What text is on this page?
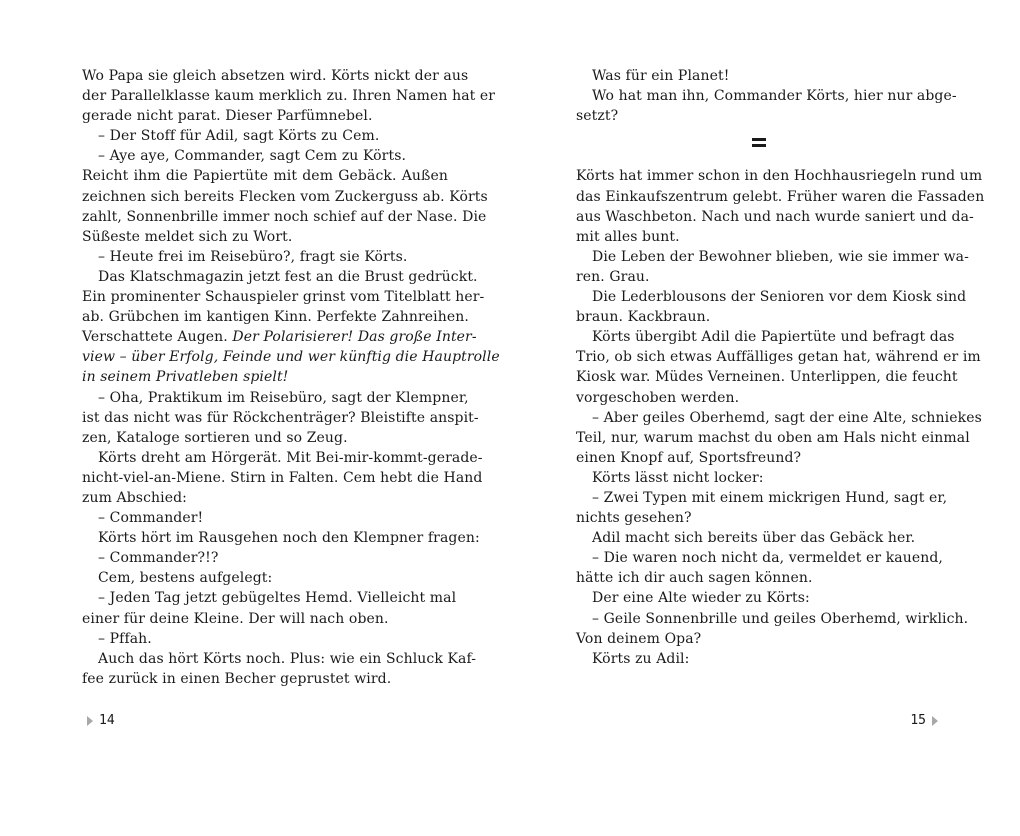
Wo Papa sie gleich absetzen wird. Körts nickt der aus
der Parallelklasse kaum merklich zu. Ihren Namen hat er
gerade nicht parat. Dieser Parfümnebel.
– Der Stoff für Adil, sagt Körts zu Cem.
– Aye aye, Commander, sagt Cem zu Körts.
Reicht ihm die Papiertüte mit dem Gebäck. Außen
zeichnen sich bereits Flecken vom Zuckerguss ab. Körts
zahlt, Sonnenbrille immer noch schief auf der Nase. Die
Süßeste meldet sich zu Wort.
– Heute frei im Reisebüro?, fragt sie Körts.
Das Klatschmagazin jetzt fest an die Brust gedrückt.
Ein prominenter Schauspieler grinst vom Titelblatt her-
ab. Grübchen im kantigen Kinn. Perfekte Zahnreihen.
Verschattete Augen. Der Polarisierer! Das große Inter-
view – über Erfolg, Feinde und wer künftig die Hauptrolle
in seinem Privatleben spielt!
– Oha, Praktikum im Reisebüro, sagt der Klempner,
ist das nicht was für Röckchenträger? Bleistifte anspit-
zen, Kataloge sortieren und so Zeug.
Körts dreht am Hörgerät. Mit Bei-mir-kommt-gerade-
nicht-viel-an-Miene. Stirn in Falten. Cem hebt die Hand
zum Abschied:
– Commander!
Körts hört im Rausgehen noch den Klempner fragen:
– Commander?!?
Cem, bestens aufgelegt:
– Jeden Tag jetzt gebügeltes Hemd. Vielleicht mal
einer für deine Kleine. Der will nach oben.
– Pffah.
Auch das hört Körts noch. Plus: wie ein Schluck Kaf-
fee zurück in einen Becher geprustet wird.
14
Was für ein Planet!
Wo hat man ihn, Commander Körts, hier nur abge-
setzt?
Körts hat immer schon in den Hochhausriegeln rund um
das Einkaufszentrum gelebt. Früher waren die Fassaden
aus Waschbeton. Nach und nach wurde saniert und da-
mit alles bunt.
Die Leben der Bewohner blieben, wie sie immer wa-
ren. Grau.
Die Lederblousons der Senioren vor dem Kiosk sind
braun. Kackbraun.
Körts übergibt Adil die Papiertüte und befragt das
Trio, ob sich etwas Auffälliges getan hat, während er im
Kiosk war. Müdes Verneinen. Unterlippen, die feucht
vorgeschoben werden.
– Aber geiles Oberhemd, sagt der eine Alte, schniekes
Teil, nur, warum machst du oben am Hals nicht einmal
einen Knopf auf, Sportsfreund?
Körts lässt nicht locker:
– Zwei Typen mit einem mickrigen Hund, sagt er,
nichts gesehen?
Adil macht sich bereits über das Gebäck her.
– Die waren noch nicht da, vermeldet er kauend,
hätte ich dir auch sagen können.
Der eine Alte wieder zu Körts:
– Geile Sonnenbrille und geiles Oberhemd, wirklich.
Von deinem Opa?
Körts zu Adil:
15
